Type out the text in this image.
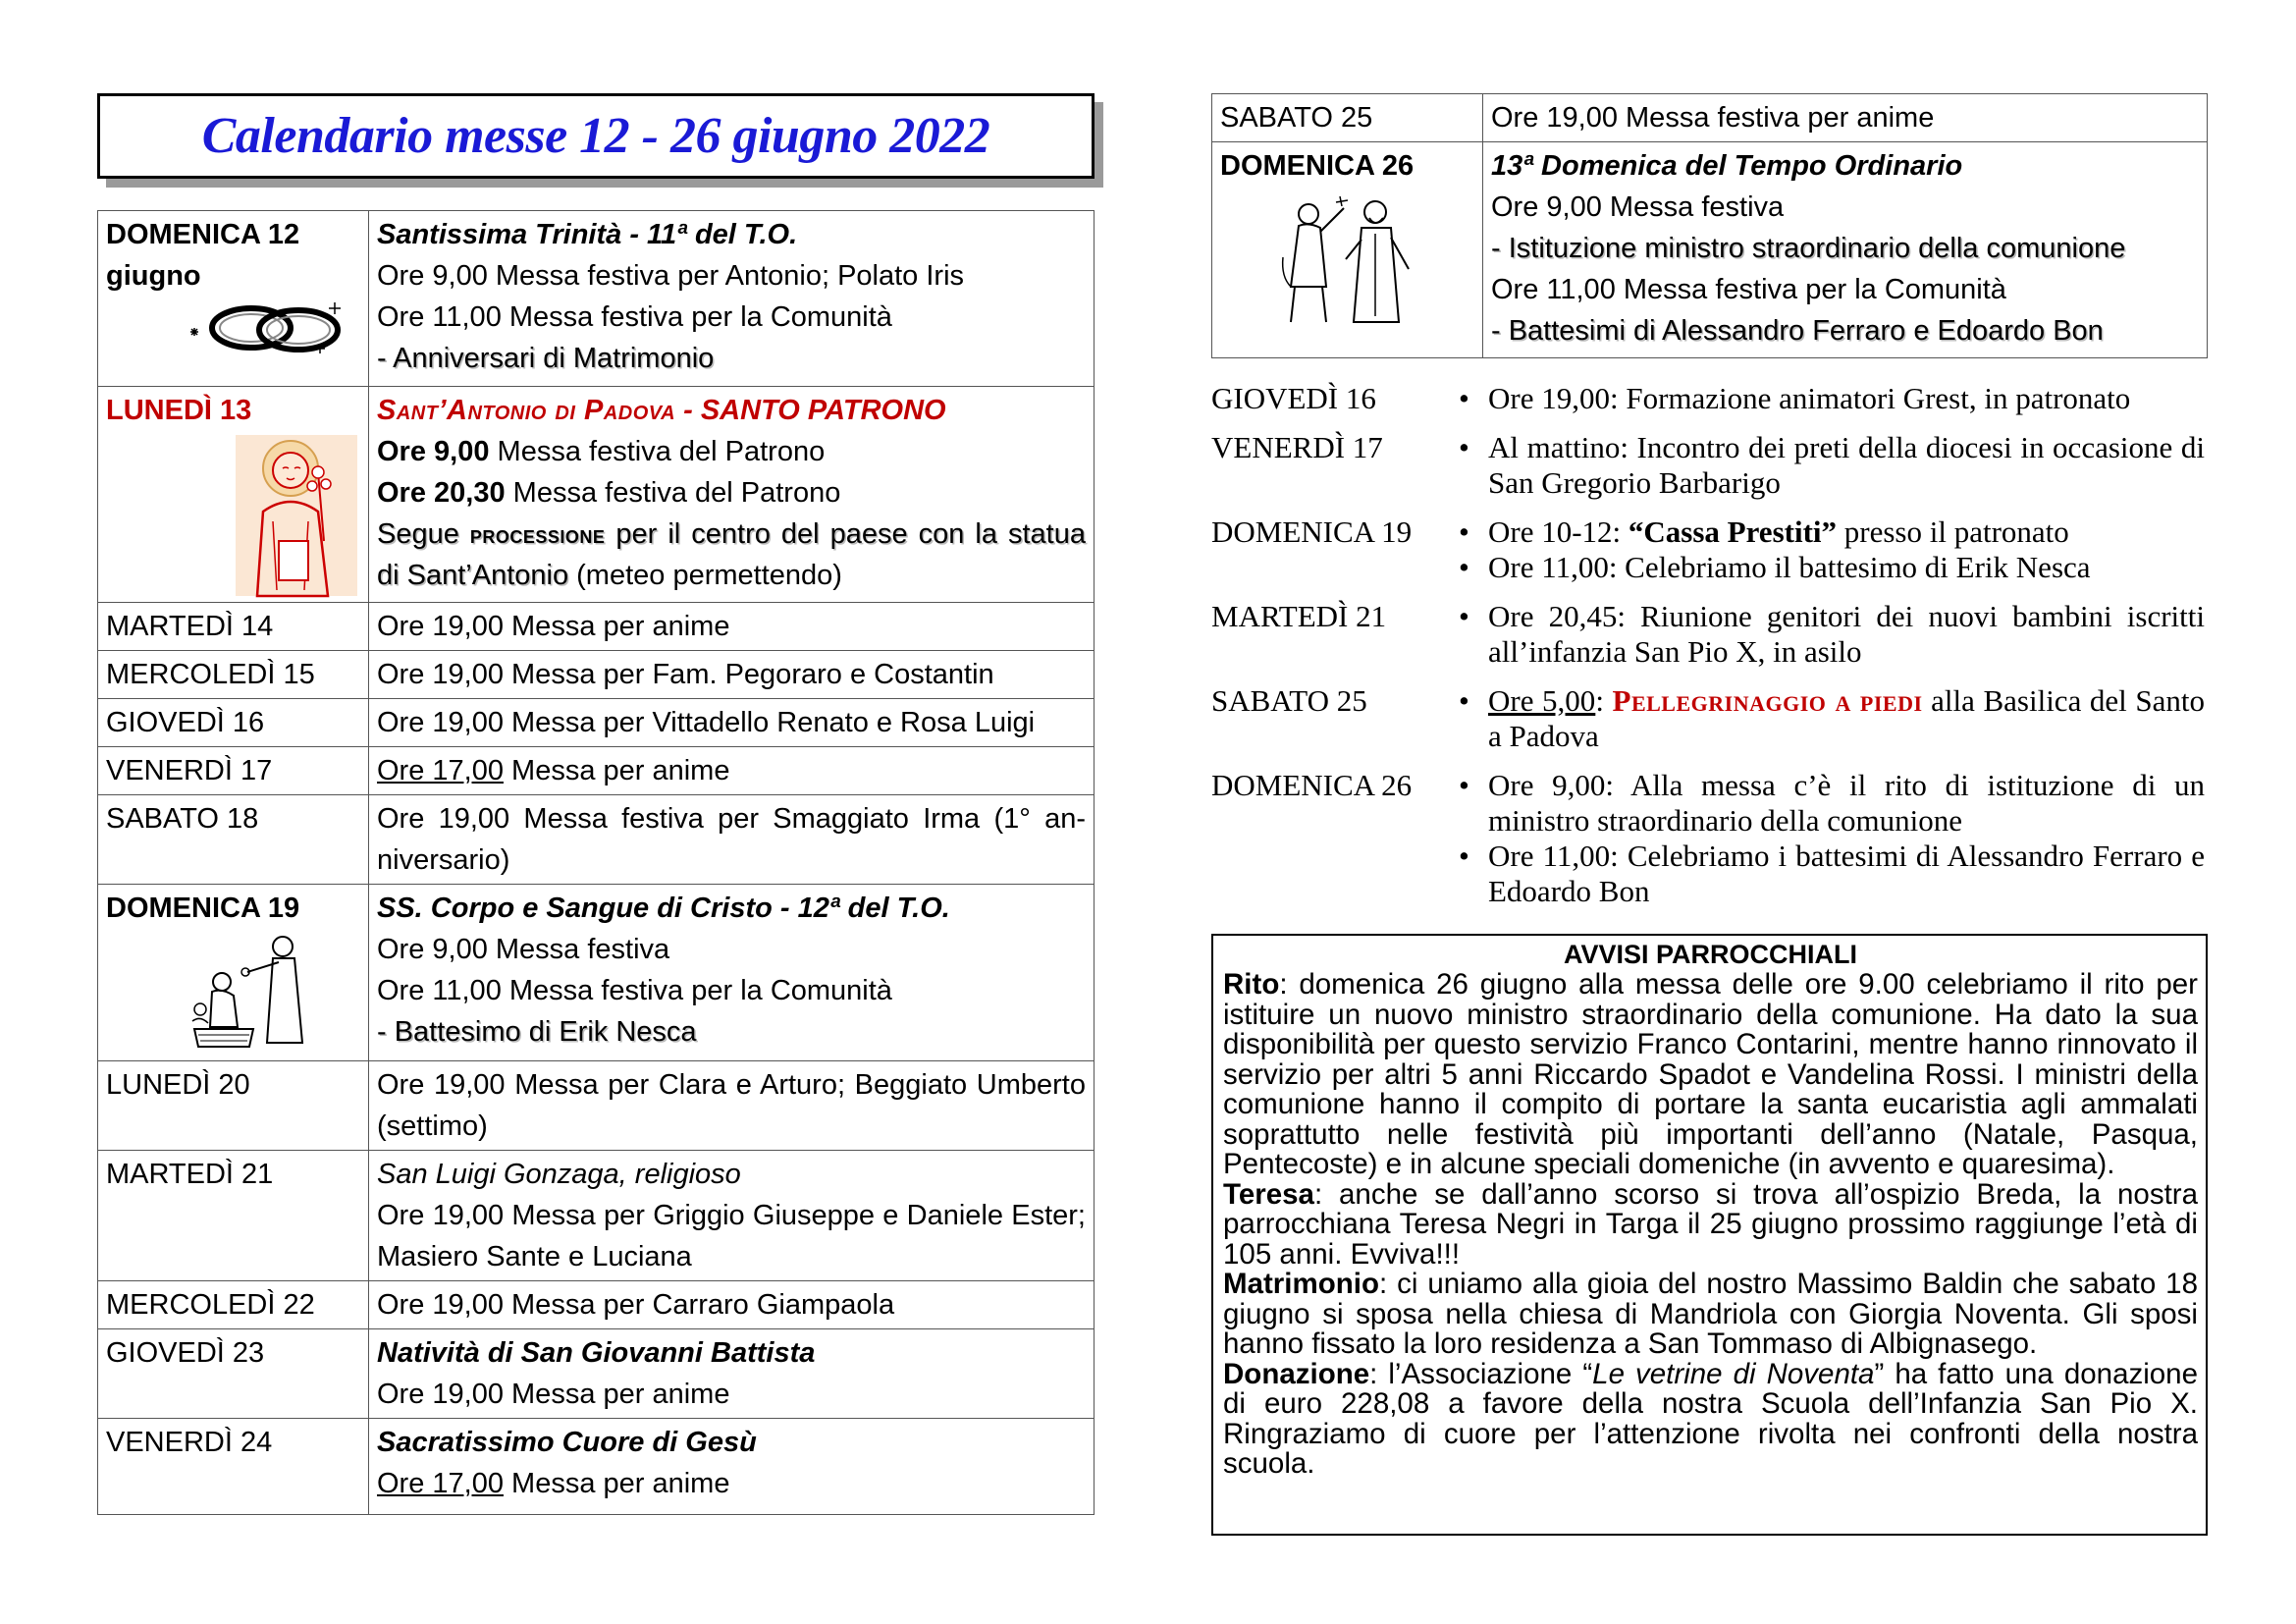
Calendario messe 12 - 26 giugno 2022
DOMENICA 12 giugno	Santissima Trinità - 11ª del T.O.
Ore 9,00 Messa festiva per Antonio; Polato Iris
Ore 11,00 Messa festiva per la Comunità
- Anniversari di Matrimonio

LUNEDÌ 13	Sant’Antonio di Padova - SANTO PATRONO
Ore 9,00 Messa festiva del Patrono
Ore 20,30 Messa festiva del Patrono
Segue processione per il centro del paese con la statua di Sant’Antonio (meteo permettendo)

MARTEDÌ 14	Ore 19,00 Messa per anime
MERCOLEDÌ 15	Ore 19,00 Messa per Fam. Pegoraro e Costantin
GIOVEDÌ 16	Ore 19,00 Messa per Vittadello Renato e Rosa Luigi
VENERDÌ 17	Ore 17,00 Messa per anime
SABATO 18	Ore 19,00 Messa festiva per Smaggiato Irma (1° anniversario)

DOMENICA 19	SS. Corpo e Sangue di Cristo - 12ª del T.O.
Ore 9,00 Messa festiva
Ore 11,00 Messa festiva per la Comunità
- Battesimo di Erik Nesca

LUNEDÌ 20	Ore 19,00 Messa per Clara e Arturo; Beggiato Umberto (settimo)
MARTEDÌ 21	San Luigi Gonzaga, religioso
Ore 19,00 Messa per Griggio Giuseppe e Daniele Ester; Masiero Sante e Luciana

MERCOLEDÌ 22	Ore 19,00 Messa per Carraro Giampaola
GIOVEDÌ 23	Natività di San Giovanni Battista
Ore 19,00 Messa per anime

VENERDÌ 24	Sacratissimo Cuore di Gesù
Ore 17,00 Messa per anime
SABATO 25	Ore 19,00 Messa festiva per anime

DOMENICA 26	13ª Domenica del Tempo Ordinario
Ore 9,00 Messa festiva
- Istituzione ministro straordinario della comunione
Ore 11,00 Messa festiva per la Comunità
- Battesimi di Alessandro Ferraro e Edoardo Bon
GIOVEDÌ 16	• Ore 19,00: Formazione animatori Grest, in patronato
VENERDÌ 17	• Al mattino: Incontro dei preti della diocesi in occasione di San Gregorio Barbarigo
DOMENICA 19	• Ore 10-12: “Cassa Prestiti” presso il patronato
• Ore 11,00: Celebriamo il battesimo di Erik Nesca
MARTEDÌ 21	• Ore 20,45: Riunione genitori dei nuovi bambini iscritti all’infanzia San Pio X, in asilo
SABATO 25	• Ore 5,00: Pellegrinaggio a piedi alla Basilica del Santo a Padova
DOMENICA 26	• Ore 9,00: Alla messa c’è il rito di istituzione di un ministro straordinario della comunione
• Ore 11,00: Celebriamo i battesimi di Alessandro Ferraro e Edoardo Bon
AVVISI PARROCCHIALI

Rito: domenica 26 giugno alla messa delle ore 9.00 celebriamo il rito per istituire un nuovo ministro straordinario della comunione. Ha dato la sua disponibilità per questo servizio Franco Contarini, mentre hanno rinnovato il servizio per altri 5 anni Riccardo Spadot e Vandelina Rossi. I ministri della comunione hanno il compito di portare la santa eucaristia agli ammalati soprattutto nelle festività più importanti dell’anno (Natale, Pasqua, Pentecoste) e in alcune speciali domeniche (in avvento e quaresima).

Teresa: anche se dall’anno scorso si trova all’ospizio Breda, la nostra parrocchiana Teresa Negri in Targa il 25 giugno prossimo raggiunge l’età di 105 anni. Evviva!!!

Matrimonio: ci uniamo alla gioia del nostro Massimo Baldin che sabato 18 giugno si sposa nella chiesa di Mandriola con Giorgia Noventa. Gli sposi hanno fissato la loro residenza a San Tommaso di Albignasego.

Donazione: l’Associazione “Le vetrine di Noventa” ha fatto una donazione di euro 228,08 a favore della nostra Scuola dell’Infanzia San Pio X. Ringraziamo di cuore per l’attenzione rivolta nei confronti della nostra scuola.
